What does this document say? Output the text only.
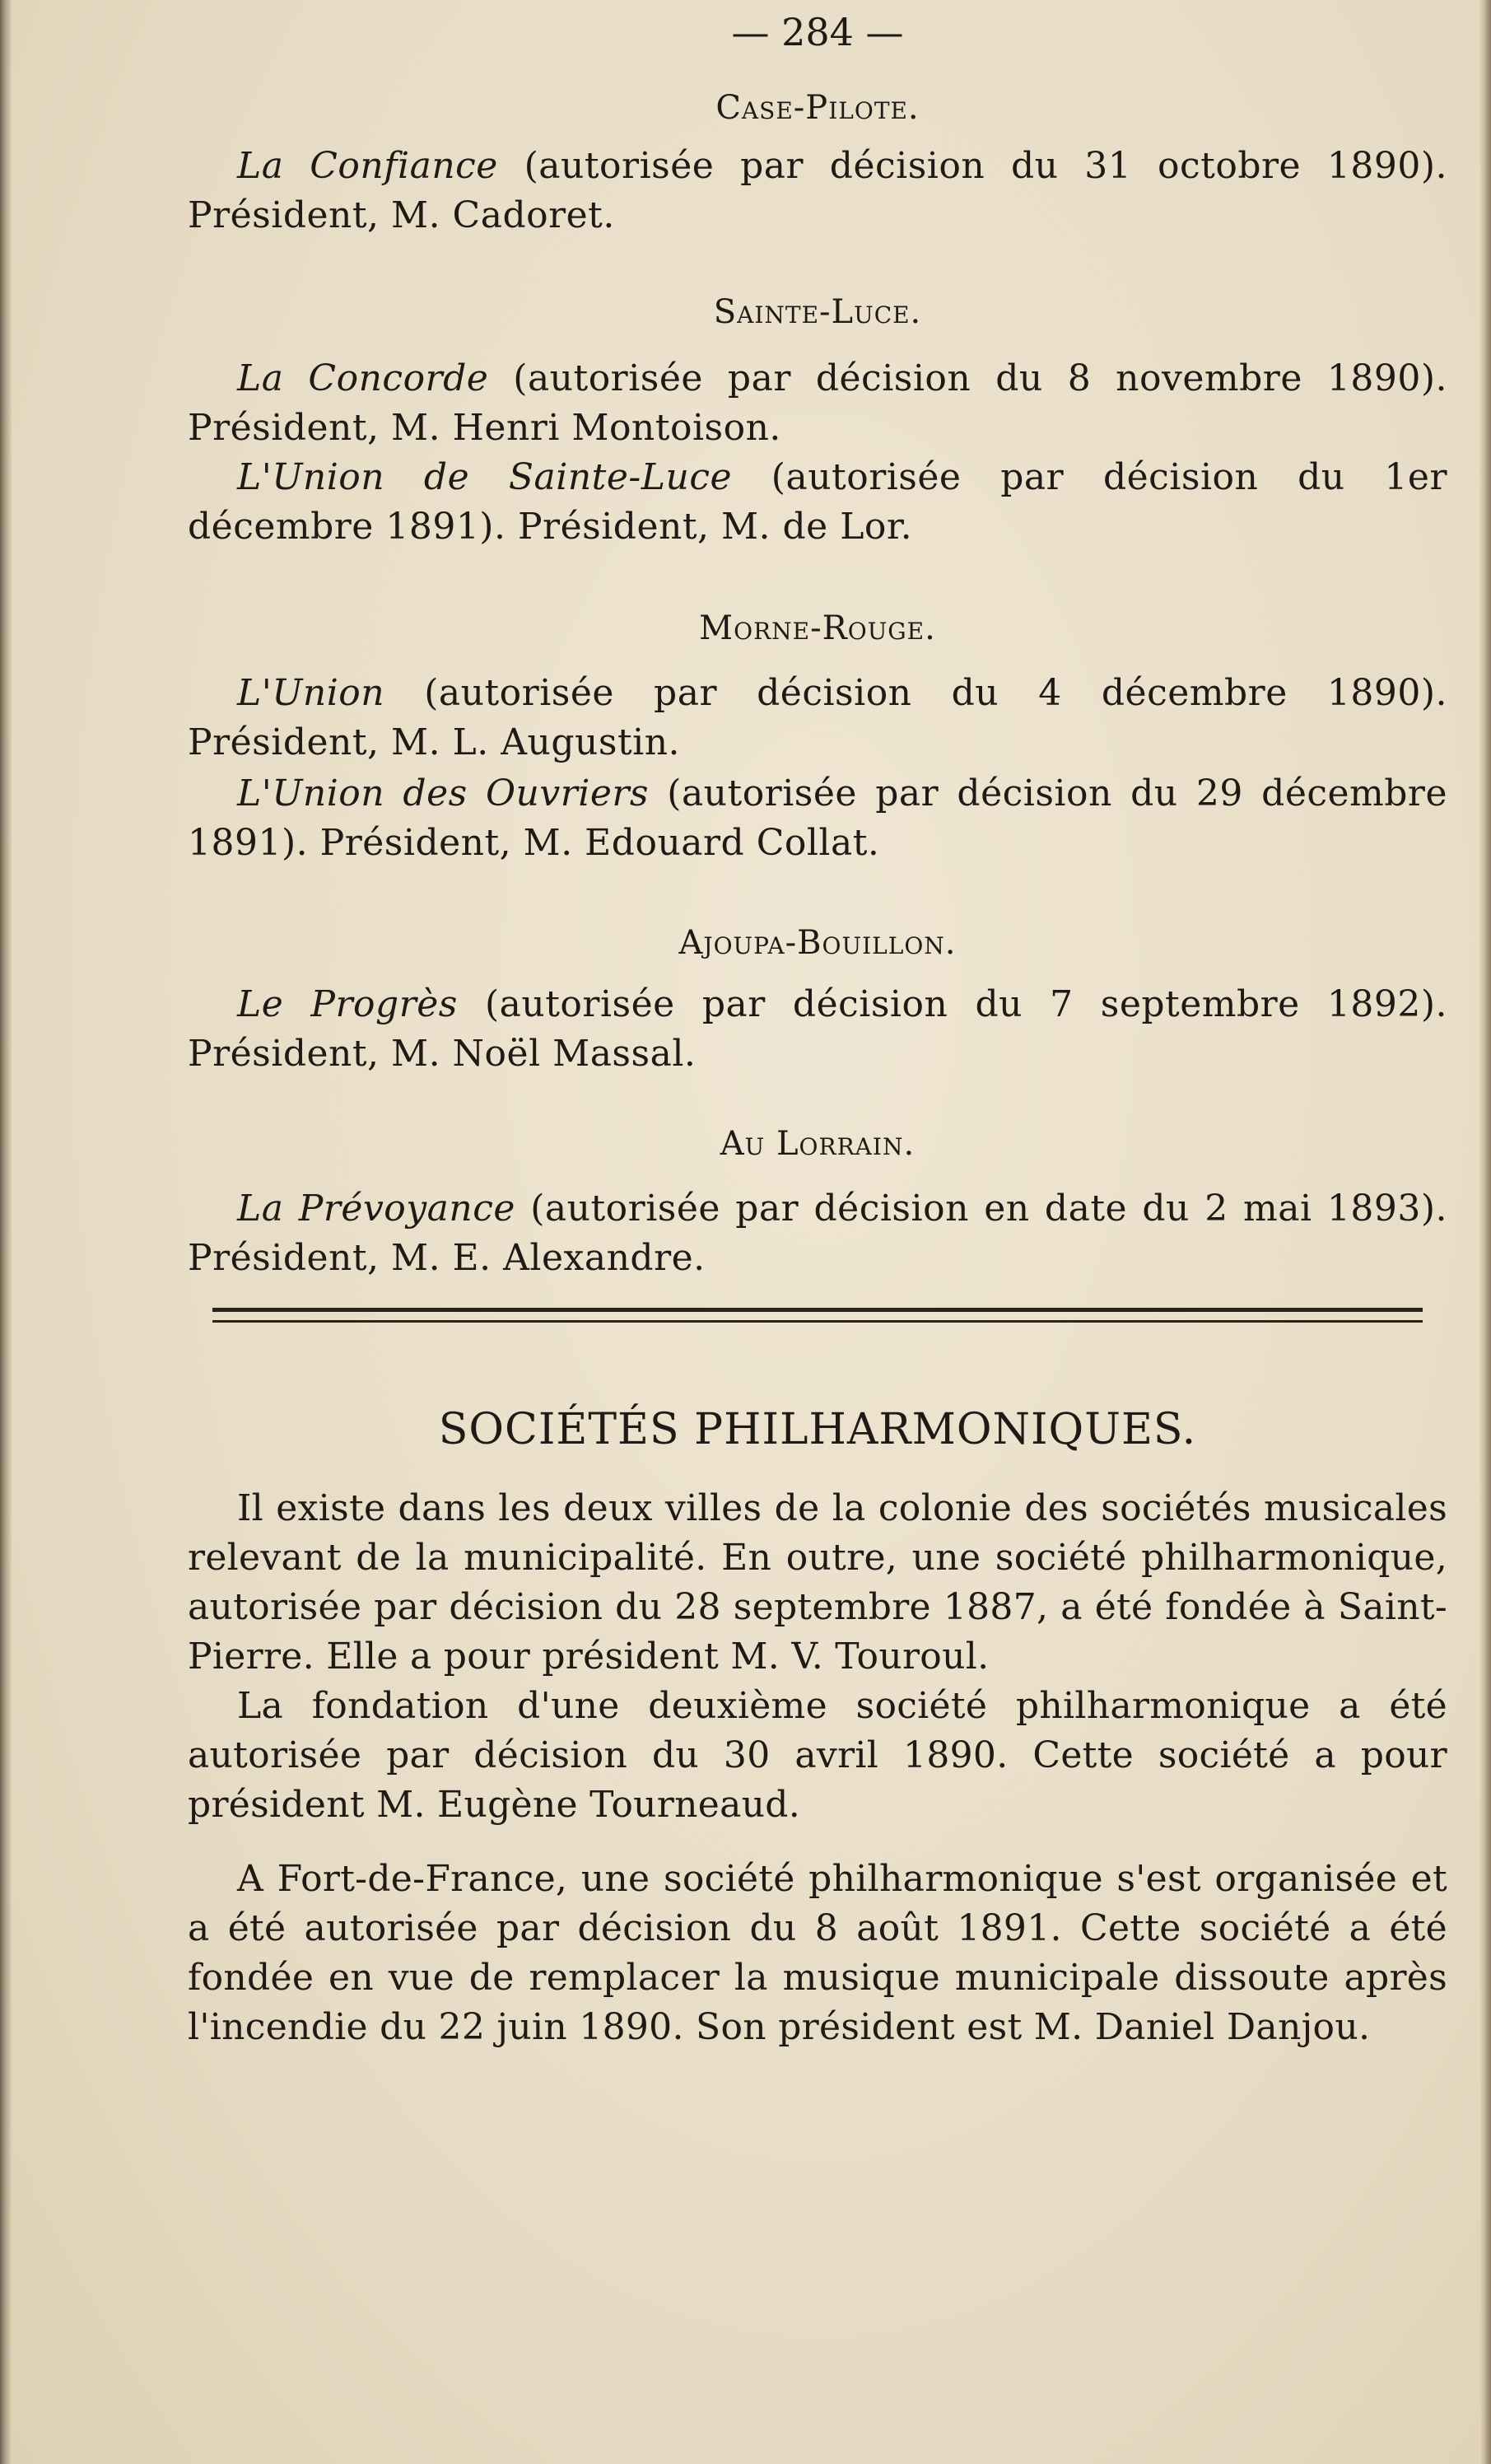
— 284 —
Case-Pilote.
La Confiance (autorisée par décision du 31 octobre 1890). Président, M. Cadoret.
Sainte-Luce.
La Concorde (autorisée par décision du 8 novembre 1890). Président, M. Henri Montoison.
L'Union de Sainte-Luce (autorisée par décision du 1er décembre 1891). Président, M. de Lor.
Morne-Rouge.
L'Union (autorisée par décision du 4 décembre 1890). Président, M. L. Augustin.
L'Union des Ouvriers (autorisée par décision du 29 décembre 1891). Président, M. Edouard Collat.
Ajoupa-Bouillon.
Le Progrès (autorisée par décision du 7 septembre 1892). Président, M. Noël Massal.
Au Lorrain.
La Prévoyance (autorisée par décision en date du 2 mai 1893). Président, M. E. Alexandre.
SOCIÉTÉS PHILHARMONIQUES.
Il existe dans les deux villes de la colonie des sociétés musicales relevant de la municipalité. En outre, une société philharmonique, autorisée par décision du 28 septembre 1887, a été fondée à Saint-Pierre. Elle a pour président M. V. Touroul.
La fondation d'une deuxième société philharmonique a été autorisée par décision du 30 avril 1890. Cette société a pour président M. Eugène Tourneaud.
A Fort-de-France, une société philharmonique s'est organisée et a été autorisée par décision du 8 août 1891. Cette société a été fondée en vue de remplacer la musique municipale dissoute après l'incendie du 22 juin 1890. Son président est M. Daniel Danjou.
